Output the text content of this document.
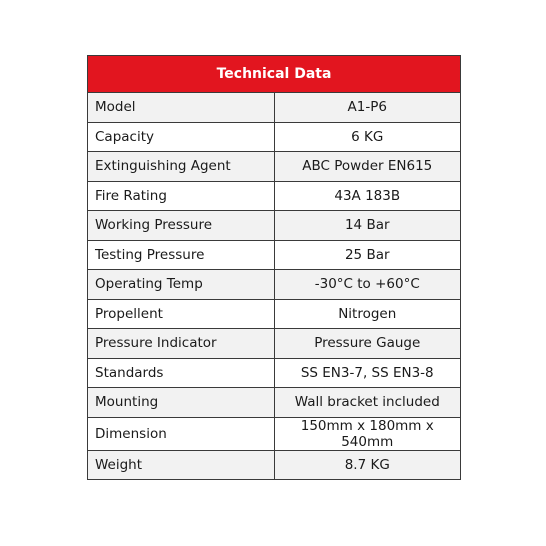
Technical Data	
Model	A1-P6
Capacity	6 KG
Extinguishing Agent	ABC Powder EN615
Fire Rating	43A 183B
Working Pressure	14 Bar
Testing Pressure	25 Bar
Operating Temp	-30°C to +60°C
Propellent	Nitrogen
Pressure Indicator	Pressure Gauge
Standards	SS EN3-7, SS EN3-8
Mounting	Wall bracket included
Dimension	150mm x 180mm x 540mm
Weight	8.7 KG
